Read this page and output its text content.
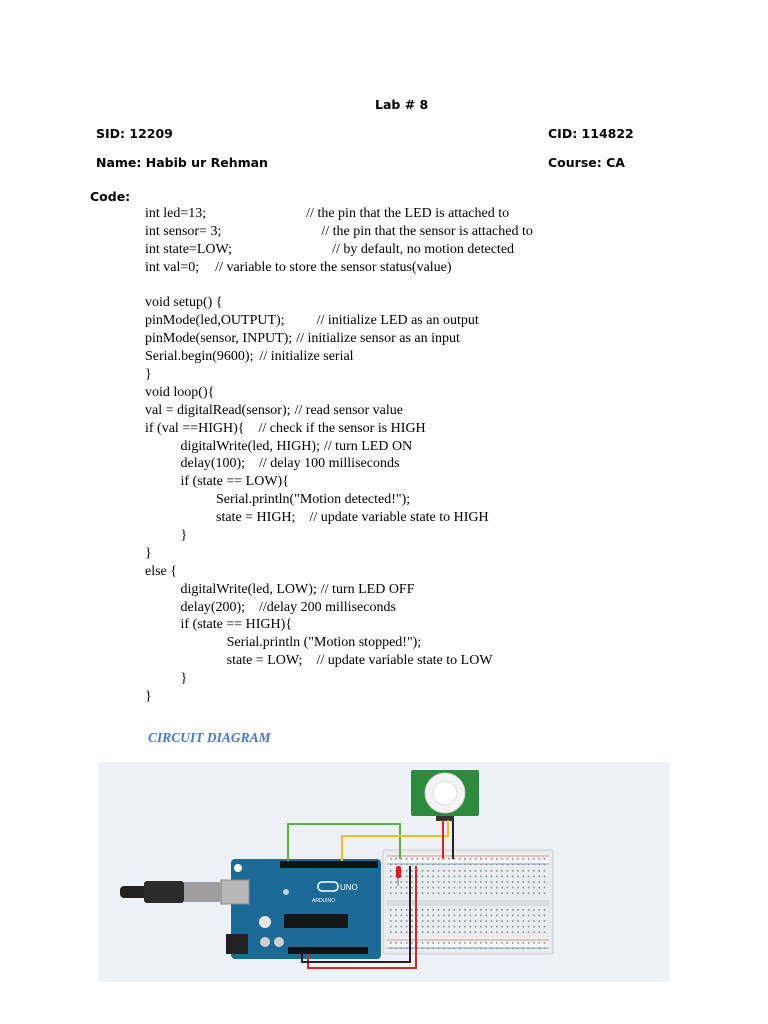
Lab # 8
SID: 12209	CID: 114822
Name: Habib ur Rehman	Course: CA
Code:
int led=13;	// the pin that the LED is attached to
int sensor= 3;	// the pin that the sensor is attached to
int state=LOW;	// by default, no motion detected
int val=0; // variable to store the sensor status(value)
void setup() {
pinMode(led,OUTPUT); // initialize LED as an output
pinMode(sensor, INPUT); // initialize sensor as an input
Serial.begin(9600); // initialize serial
}
void loop(){
val = digitalRead(sensor); // read sensor value
if (val ==HIGH){ // check if the sensor is HIGH
digitalWrite(led, HIGH); // turn LED ON
delay(100); // delay 100 milliseconds
if (state == LOW){
Serial.println("Motion detected!");
state = HIGH; // update variable state to HIGH
}
}
else {
digitalWrite(led, LOW); // turn LED OFF
delay(200); //delay 200 milliseconds
if (state == HIGH){
Serial.println ("Motion stopped!");
state = LOW; // update variable state to LOW
}
}
CIRCUIT DIAGRAM
UNO
ARDUINO
